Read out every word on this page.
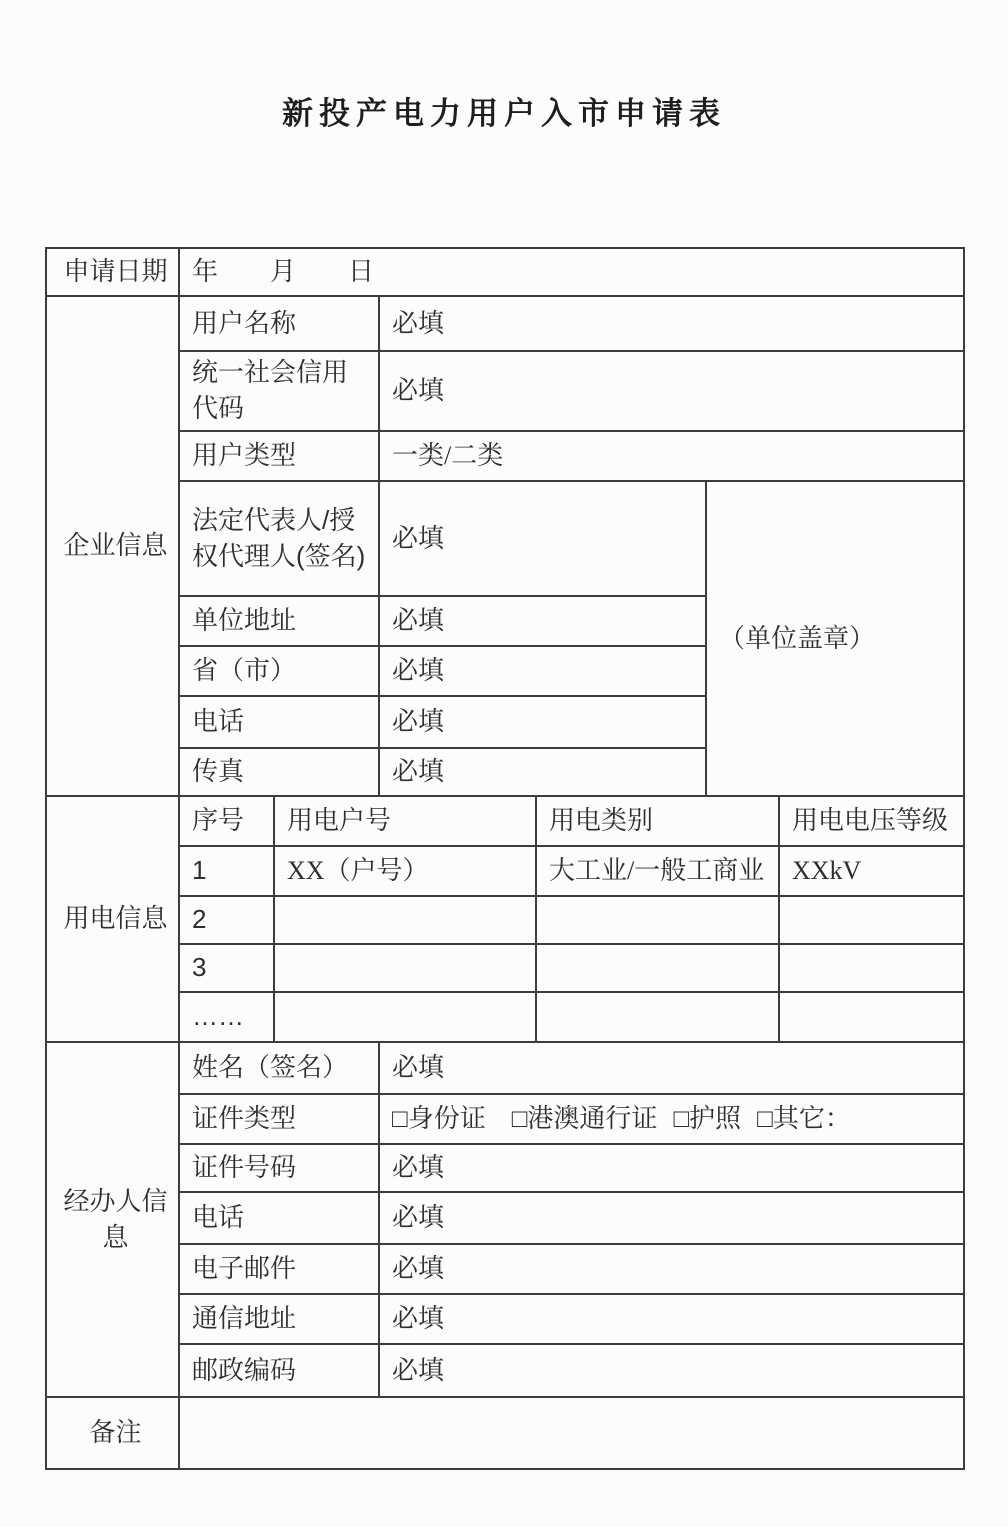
新投产电力用户入市申请表
申请日期	年　　月　　日					
企业信息	用户名称		必填			
	统一社会信用代码		必填			
	用户类型		一类/二类			
	法定代表人/授权代理人(签名)		必填		（单位盖章）	
	单位地址		必填			
	省（市）		必填			
	电话		必填			
	传真		必填			
用电信息	序号	用电户号		用电类别		用电电压等级
	1	XX（户号）		大工业/一般工商业		XXkV
	2					
	3					
	……					
经办人信息	姓名（签名）		必填			
	证件类型		□身份证 □港澳通行证 □护照 □其它：			
	证件号码		必填			
	电话		必填			
	电子邮件		必填			
	通信地址		必填			
	邮政编码		必填			
备注						
